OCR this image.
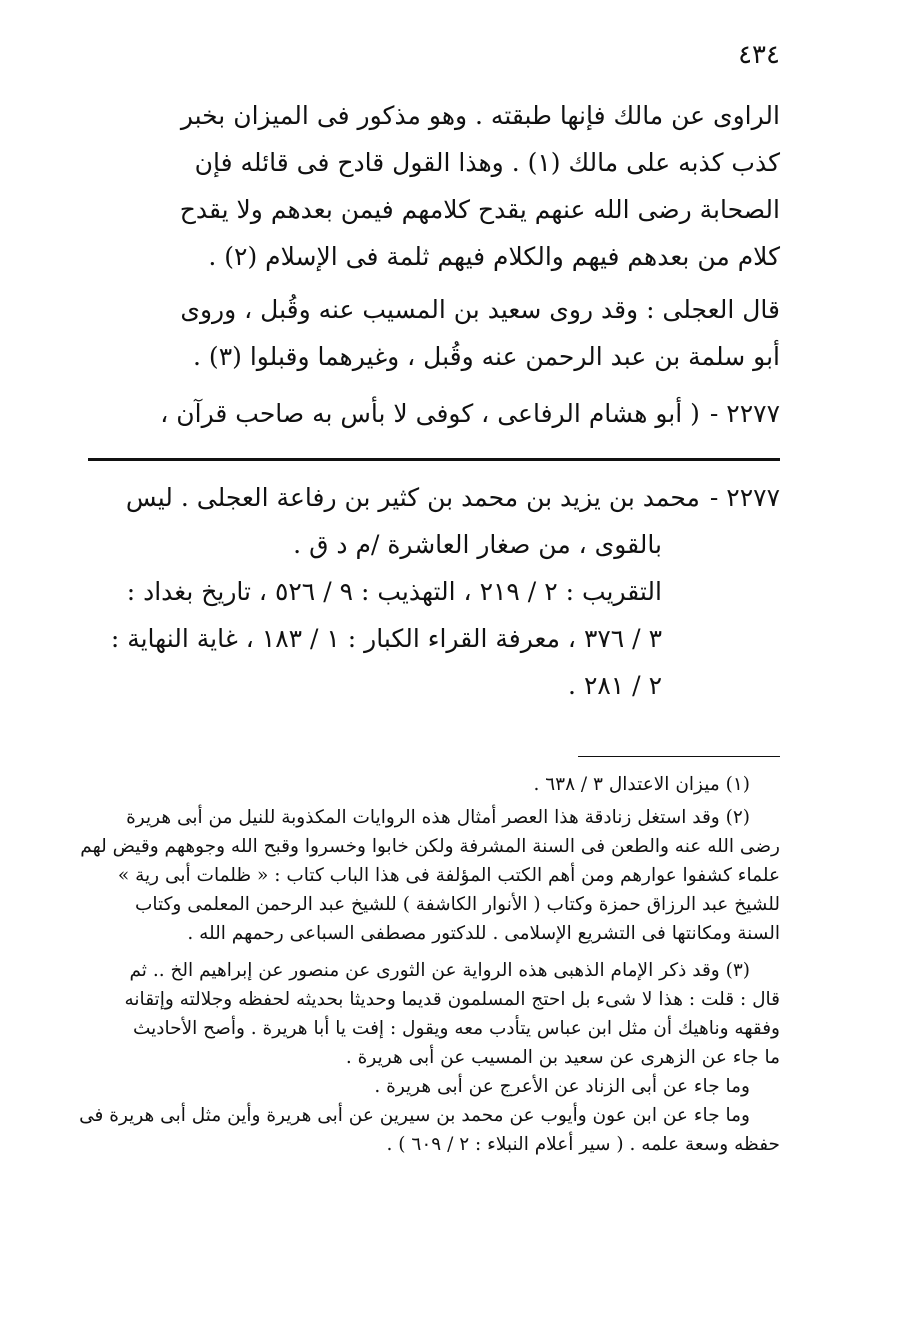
٤٣٤

الراوى عن مالك فإنها طبقته . وهو مذكور فى الميزان بخبر

كذب كذبه على مالك (١) . وهذا القول قادح فى قائله فإن

الصحابة رضى الله عنهم يقدح كلامهم فيمن بعدهم ولا يقدح

كلام من بعدهم فيهم والكلام فيهم ثلمة فى الإسلام (٢) .

قال العجلى : وقد روى سعيد بن المسيب عنه وقُبل ، وروى

أبو سلمة بن عبد الرحمن عنه وقُبل ، وغيرهما وقبلوا (٣) .

٢٢٧٧ -
( أبو هشام الرفاعى ، كوفى لا بأس به صاحب قرآن ،
٢٢٧٧ -
محمد بن يزيد بن محمد بن كثير بن رفاعة العجلى . ليس

بالقوى ، من صغار العاشرة /م د ق .

التقريب : ٢ / ٢١٩ ، التهذيب : ٩ / ٥٢٦ ، تاريخ بغداد :

٣ / ٣٧٦ ، معرفة القراء الكبار : ١ / ١٨٣ ، غاية النهاية :

٢ / ٢٨١ .

(١) ميزان الاعتدال ٣ / ٦٣٨ .

(٢) وقد استغل زنادقة هذا العصر أمثال هذه الروايات المكذوبة للنيل من أبى هريرة

رضى الله عنه والطعن فى السنة المشرفة ولكن خابوا وخسروا وقبح الله وجوههم وقيض لهم

علماء كشفوا عوارهم ومن أهم الكتب المؤلفة فى هذا الباب كتاب : « ظلمات أبى رية »

للشيخ عبد الرزاق حمزة وكتاب ( الأنوار الكاشفة ) للشيخ عبد الرحمن المعلمى وكتاب

السنة ومكانتها فى التشريع الإسلامى . للدكتور مصطفى السباعى رحمهم الله .

(٣) وقد ذكر الإمام الذهبى هذه الرواية عن الثورى عن منصور عن إبراهيم الخ .. ثم

قال : قلت : هذا لا شىء بل احتج المسلمون قديما وحديثا بحديثه لحفظه وجلالته وإتقانه

وفقهه وناهيك أن مثل ابن عباس يتأدب معه ويقول : إفت يا أبا هريرة . وأصح الأحاديث

ما جاء عن الزهرى عن سعيد بن المسيب عن أبى هريرة .

وما جاء عن أبى الزناد عن الأعرج عن أبى هريرة .

وما جاء عن ابن عون وأيوب عن محمد بن سيرين عن أبى هريرة وأين مثل أبى هريرة فى

حفظه وسعة علمه . ( سير أعلام النبلاء : ٢ / ٦٠٩ ) .
